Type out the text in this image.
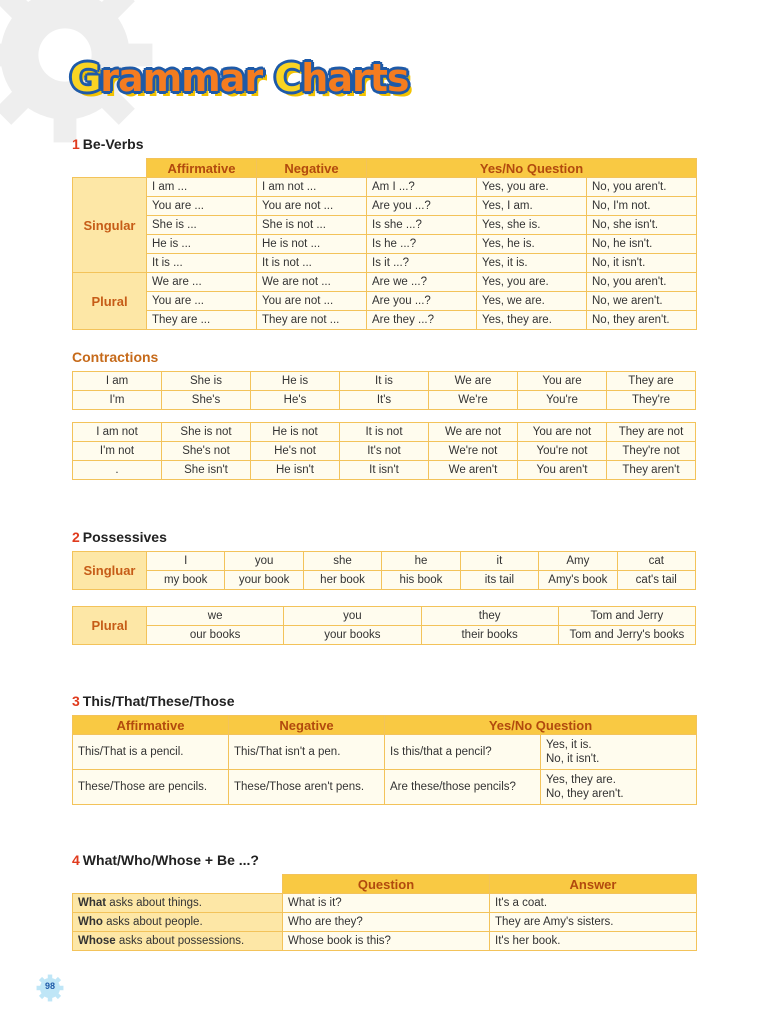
Grammar Charts
1 Be-Verbs
	Affirmative	Negative	Yes/No Question		
Singular	I am ...	I am not ...	Am I ...?	Yes, you are.	No, you aren't.
	You are ...	You are not ...	Are you ...?	Yes, I am.	No, I'm not.
	She is ...	She is not ...	Is she ...?	Yes, she is.	No, she isn't.
	He is ...	He is not ...	Is he ...?	Yes, he is.	No, he isn't.
	It is ...	It is not ...	Is it ...?	Yes, it is.	No, it isn't.
Plural	We are ...	We are not ...	Are we ...?	Yes, you are.	No, you aren't.
	You are ...	You are not ...	Are you ...?	Yes, we are.	No, we aren't.
	They are ...	They are not ...	Are they ...?	Yes, they are.	No, they aren't.
Contractions
I am	She is	He is	It is	We are	You are	They are
I'm	She's	He's	It's	We're	You're	They're
I am not	She is not	He is not	It is not	We are not	You are not	They are not
I'm not	She's not	He's not	It's not	We're not	You're not	They're not
.	She isn't	He isn't	It isn't	We aren't	You aren't	They aren't
2 Possessives
Singluar	I	you	she	he	it	Amy	cat
	my book	your book	her book	his book	its tail	Amy's book	cat's tail
Plural	we	you	they	Tom and Jerry
	our books	your books	their books	Tom and Jerry's books
3 This/That/These/Those
Affirmative	Negative	Yes/No Question	
This/That is a pencil.	This/That isn't a pen.	Is this/that a pencil?	Yes, it is.
No, it isn't.

These/Those are pencils.	These/Those aren't pens.	Are these/those pencils?	Yes, they are.
No, they aren't.
4 What/Who/Whose + Be ...?
	Question	Answer
What asks about things.	What is it?	It's a coat.
Who asks about people.	Who are they?	They are Amy's sisters.
Whose asks about possessions.	Whose book is this?	It's her book.
98
